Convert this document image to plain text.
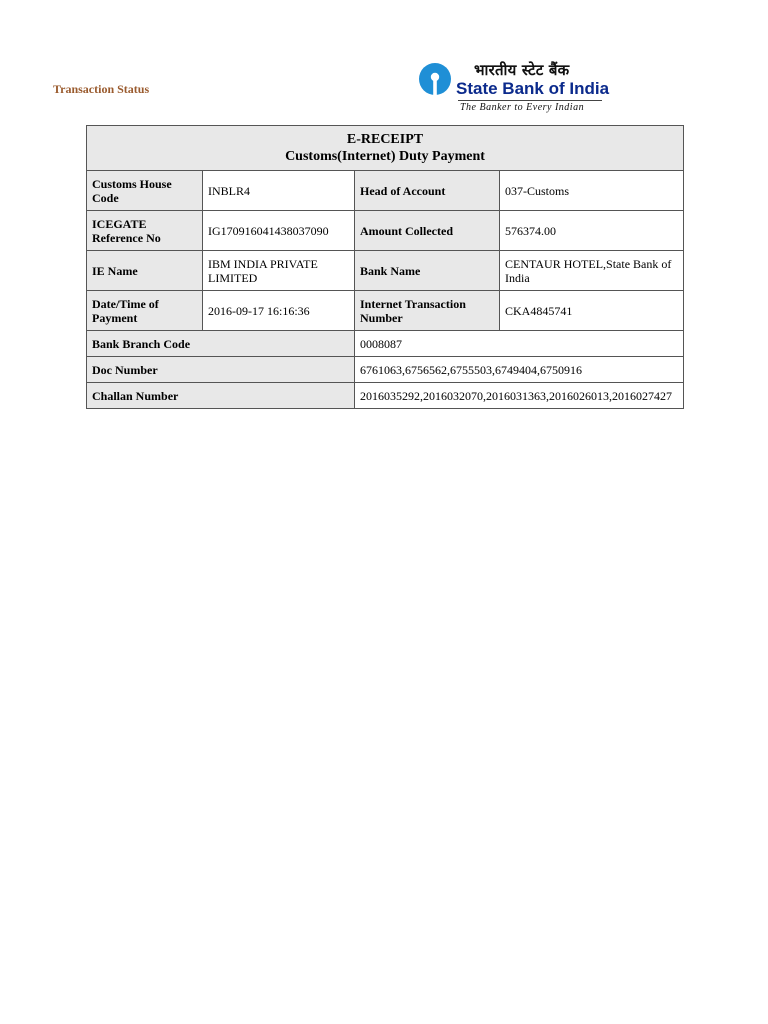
Transaction Status
भारतीय स्टेट बैंक
State Bank of India
The Banker to Every Indian
E-RECEIPT
Customs(Internet) Duty Payment			

Customs House Code	INBLR4	Head of Account	037-Customs
ICEGATE Reference No	IG170916041438037090	Amount Collected	576374.00
IE Name	IBM INDIA PRIVATE LIMITED	Bank Name	CENTAUR HOTEL,State Bank of India
Date/Time of Payment	2016-09-17 16:16:36	Internet Transaction Number	CKA4845741
Bank Branch Code		0008087	
Doc Number		6761063,6756562,6755503,6749404,6750916	
Challan Number		2016035292,2016032070,2016031363,2016026013,2016027427	
